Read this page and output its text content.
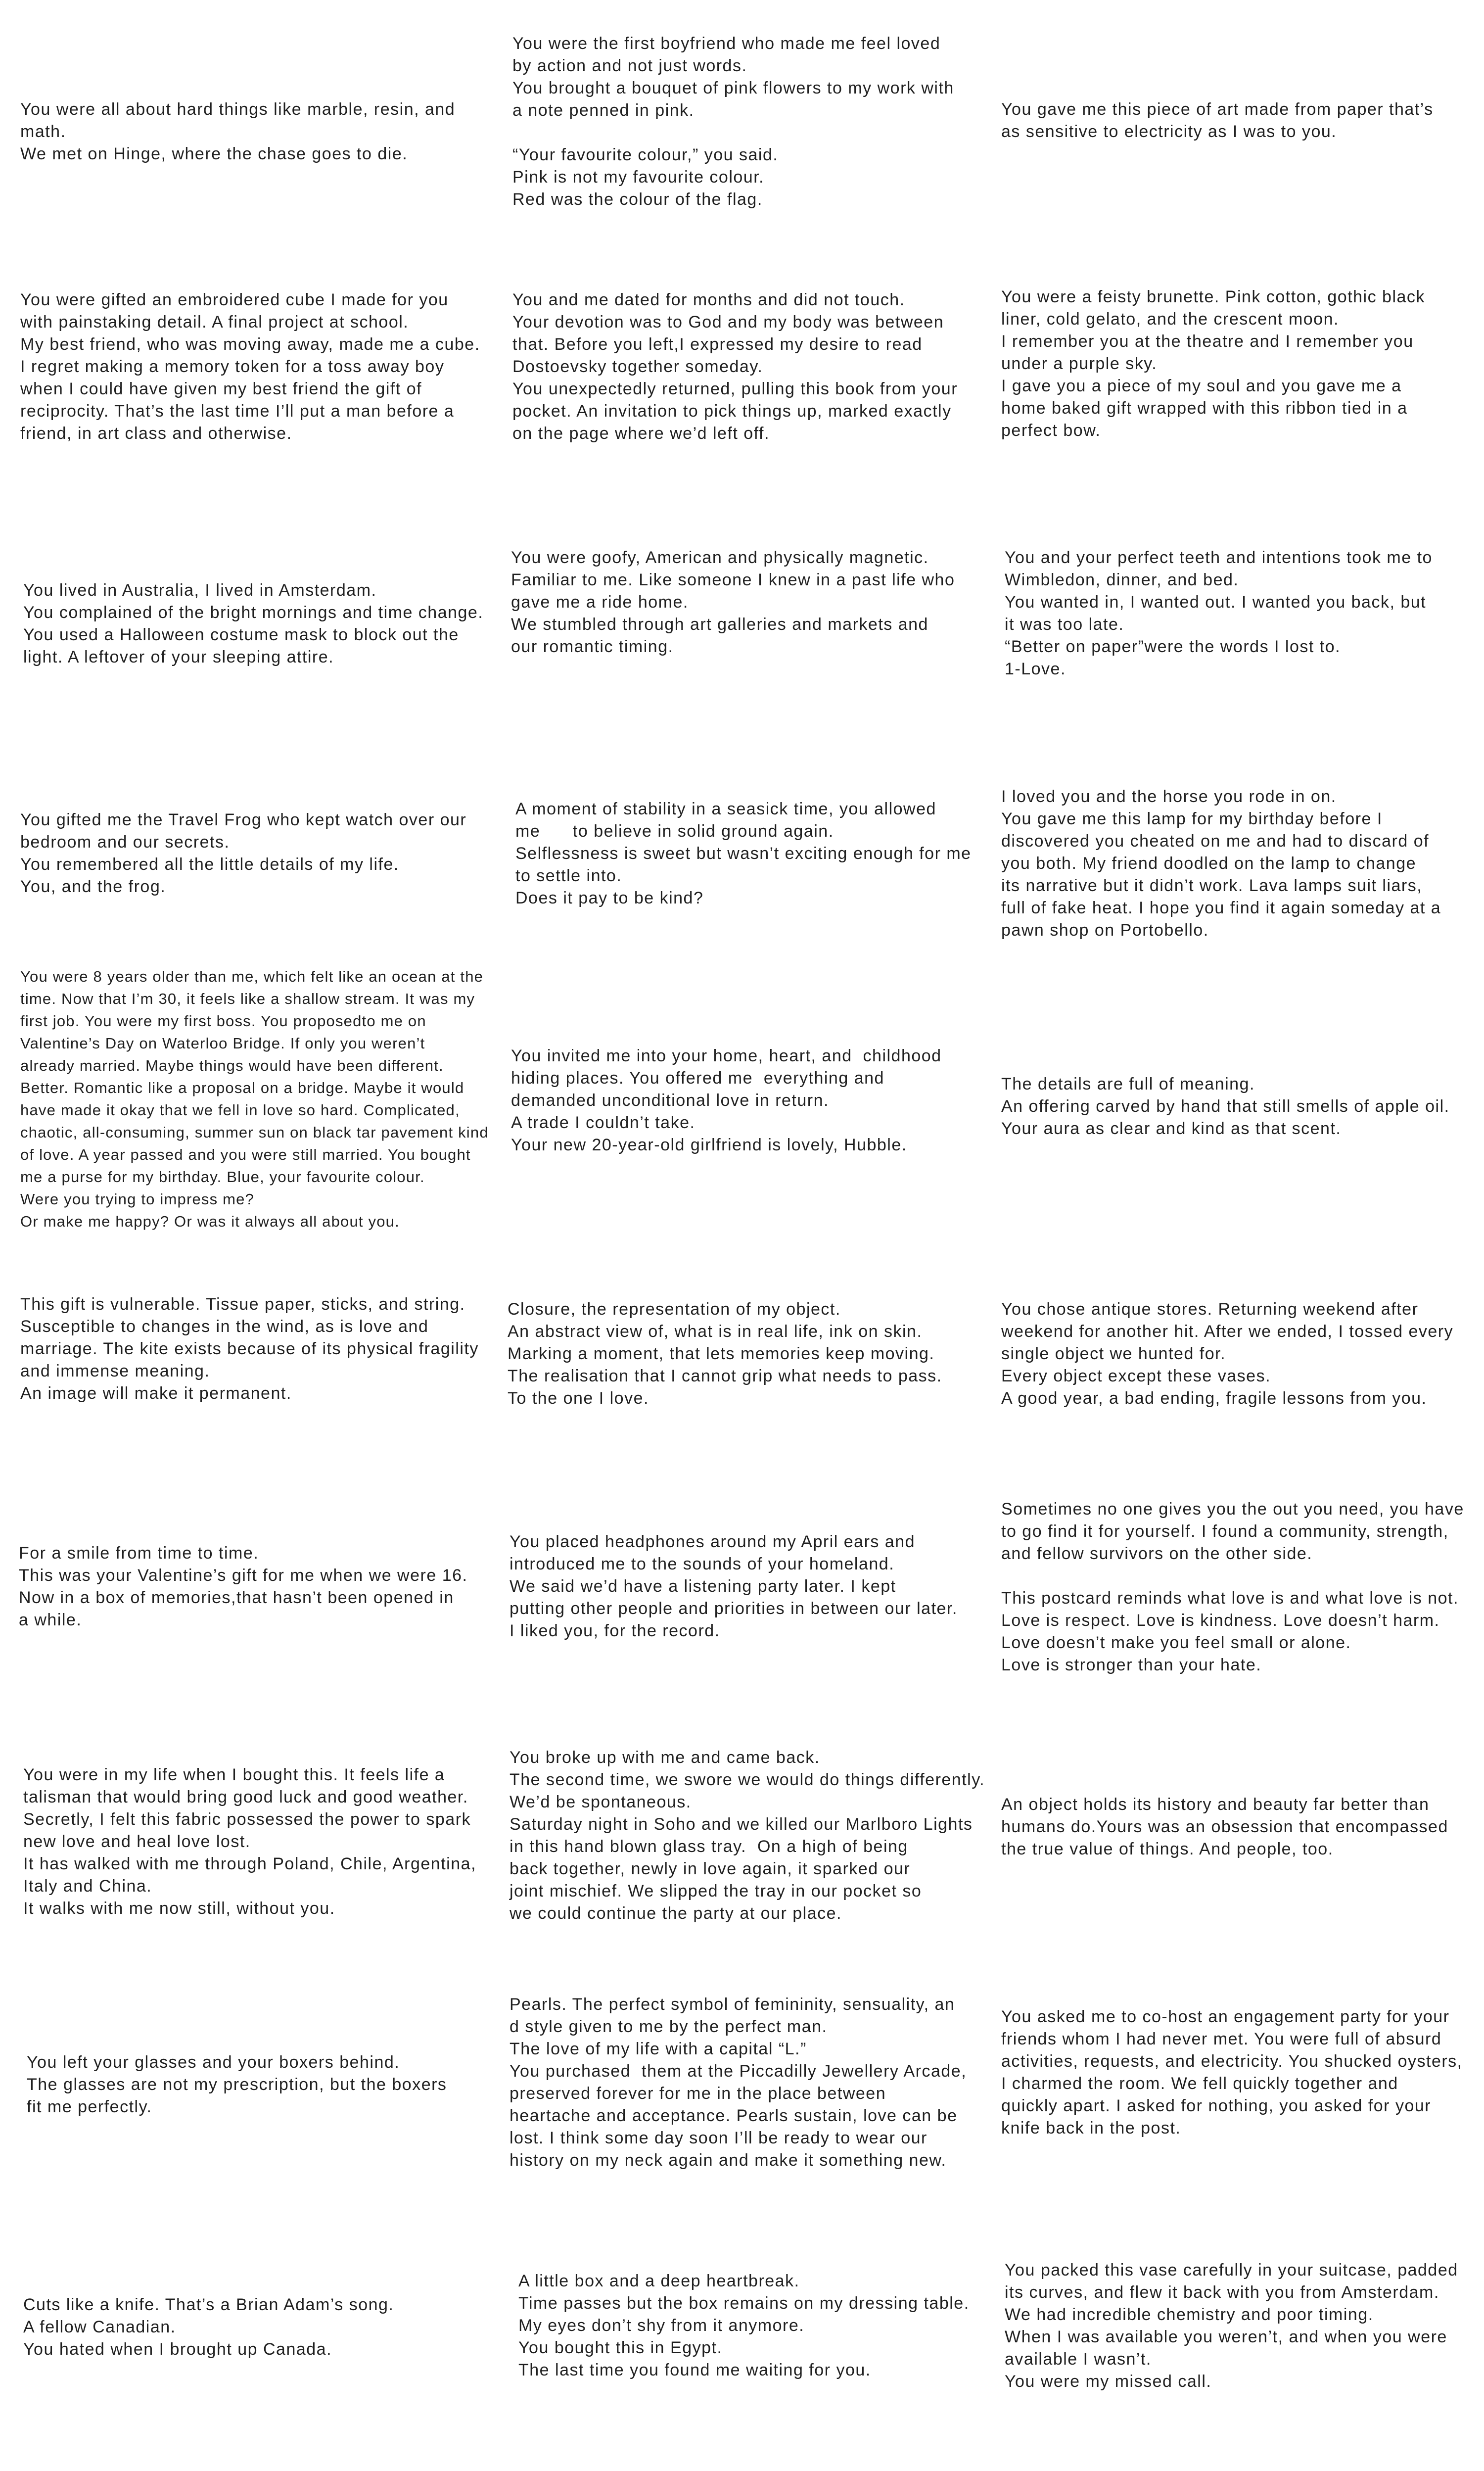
You were all about hard things like marble, resin, and
math.
We met on Hinge, where the chase goes to die.

You were the first boyfriend who made me feel loved
by action and not just words.
You brought a bouquet of pink flowers to my work with
a note penned in pink.

“Your favourite colour,” you said.
Pink is not my favourite colour.
Red was the colour of the flag.

You gave me this piece of art made from paper that’s
as sensitive to electricity as I was to you.

You were gifted an embroidered cube I made for you
with painstaking detail. A final project at school.
My best friend, who was moving away, made me a cube.
I regret making a memory token for a toss away boy
when I could have given my best friend the gift of
reciprocity. That’s the last time I’ll put a man before a
friend, in art class and otherwise.

You and me dated for months and did not touch.
Your devotion was to God and my body was between
that. Before you left,I expressed my desire to read
Dostoevsky together someday.
You unexpectedly returned, pulling this book from your
pocket. An invitation to pick things up, marked exactly
on the page where we’d left off.

You were a feisty brunette. Pink cotton, gothic black
liner, cold gelato, and the crescent moon.
I remember you at the theatre and I remember you
under a purple sky.
I gave you a piece of my soul and you gave me a
home baked gift wrapped with this ribbon tied in a
perfect bow.

You lived in Australia, I lived in Amsterdam.
You complained of the bright mornings and time change.
You used a Halloween costume mask to block out the
light. A leftover of your sleeping attire.

You were goofy, American and physically magnetic.
Familiar to me. Like someone I knew in a past life who
gave me a ride home.
We stumbled through art galleries and markets and
our romantic timing.

You and your perfect teeth and intentions took me to
Wimbledon, dinner, and bed.
You wanted in, I wanted out. I wanted you back, but
it was too late.
“Better on paper”were the words I lost to.
1-Love.

You gifted me the Travel Frog who kept watch over our
bedroom and our secrets.
You remembered all the little details of my life.
You, and the frog.

A moment of stability in a seasick time, you allowed
me      to believe in solid ground again.
Selflessness is sweet but wasn’t exciting enough for me
to settle into.
Does it pay to be kind?

I loved you and the horse you rode in on.
You gave me this lamp for my birthday before I
discovered you cheated on me and had to discard of
you both. My friend doodled on the lamp to change
its narrative but it didn’t work. Lava lamps suit liars,
full of fake heat. I hope you find it again someday at a
pawn shop on Portobello.

You were 8 years older than me, which felt like an ocean at the
time. Now that I’m 30, it feels like a shallow stream. It was my
first job. You were my first boss. You proposedto me on
Valentine’s Day on Waterloo Bridge. If only you weren’t
already married. Maybe things would have been different.
Better. Romantic like a proposal on a bridge. Maybe it would
have made it okay that we fell in love so hard. Complicated,
chaotic, all-consuming, summer sun on black tar pavement kind
of love. A year passed and you were still married. You bought
me a purse for my birthday. Blue, your favourite colour.
Were you trying to impress me?
Or make me happy? Or was it always all about you.

You invited me into your home, heart, and  childhood
hiding places. You offered me  everything and
demanded unconditional love in return.
A trade I couldn’t take.
Your new 20-year-old girlfriend is lovely, Hubble.

The details are full of meaning.
An offering carved by hand that still smells of apple oil.
Your aura as clear and kind as that scent.

This gift is vulnerable. Tissue paper, sticks, and string.
Susceptible to changes in the wind, as is love and
marriage. The kite exists because of its physical fragility
and immense meaning.
An image will make it permanent.

Closure, the representation of my object.
An abstract view of, what is in real life, ink on skin.
Marking a moment, that lets memories keep moving.
The realisation that I cannot grip what needs to pass.
To the one I love.

You chose antique stores. Returning weekend after
weekend for another hit. After we ended, I tossed every
single object we hunted for.
Every object except these vases.
A good year, a bad ending, fragile lessons from you.

For a smile from time to time.
This was your Valentine’s gift for me when we were 16.
Now in a box of memories,that hasn’t been opened in
a while.

You placed headphones around my April ears and
introduced me to the sounds of your homeland.
We said we’d have a listening party later. I kept
putting other people and priorities in between our later.
I liked you, for the record.

Sometimes no one gives you the out you need, you have
to go find it for yourself. I found a community, strength,
and fellow survivors on the other side.

This postcard reminds what love is and what love is not.
Love is respect. Love is kindness. Love doesn’t harm.
Love doesn’t make you feel small or alone.
Love is stronger than your hate.

You were in my life when I bought this. It feels life a
talisman that would bring good luck and good weather.
Secretly, I felt this fabric possessed the power to spark
new love and heal love lost.
It has walked with me through Poland, Chile, Argentina,
Italy and China.
It walks with me now still, without you.

You broke up with me and came back.
The second time, we swore we would do things differently.
We’d be spontaneous.
Saturday night in Soho and we killed our Marlboro Lights
in this hand blown glass tray.  On a high of being
back together, newly in love again, it sparked our
joint mischief. We slipped the tray in our pocket so
we could continue the party at our place.

An object holds its history and beauty far better than
humans do.Yours was an obsession that encompassed
the true value of things. And people, too.

You left your glasses and your boxers behind.
The glasses are not my prescription, but the boxers
fit me perfectly.

Pearls. The perfect symbol of femininity, sensuality, an
d style given to me by the perfect man.
The love of my life with a capital “L.”
You purchased  them at the Piccadilly Jewellery Arcade,
preserved forever for me in the place between
heartache and acceptance. Pearls sustain, love can be
lost. I think some day soon I’ll be ready to wear our
history on my neck again and make it something new.

You asked me to co-host an engagement party for your
friends whom I had never met. You were full of absurd
activities, requests, and electricity. You shucked oysters,
I charmed the room. We fell quickly together and
quickly apart. I asked for nothing, you asked for your
knife back in the post.

Cuts like a knife. That’s a Brian Adam’s song.
A fellow Canadian.
You hated when I brought up Canada.

A little box and a deep heartbreak.
Time passes but the box remains on my dressing table.
My eyes don’t shy from it anymore.
You bought this in Egypt.
The last time you found me waiting for you.

You packed this vase carefully in your suitcase, padded
its curves, and flew it back with you from Amsterdam.
We had incredible chemistry and poor timing.
When I was available you weren’t, and when you were
available I wasn’t.
You were my missed call.
